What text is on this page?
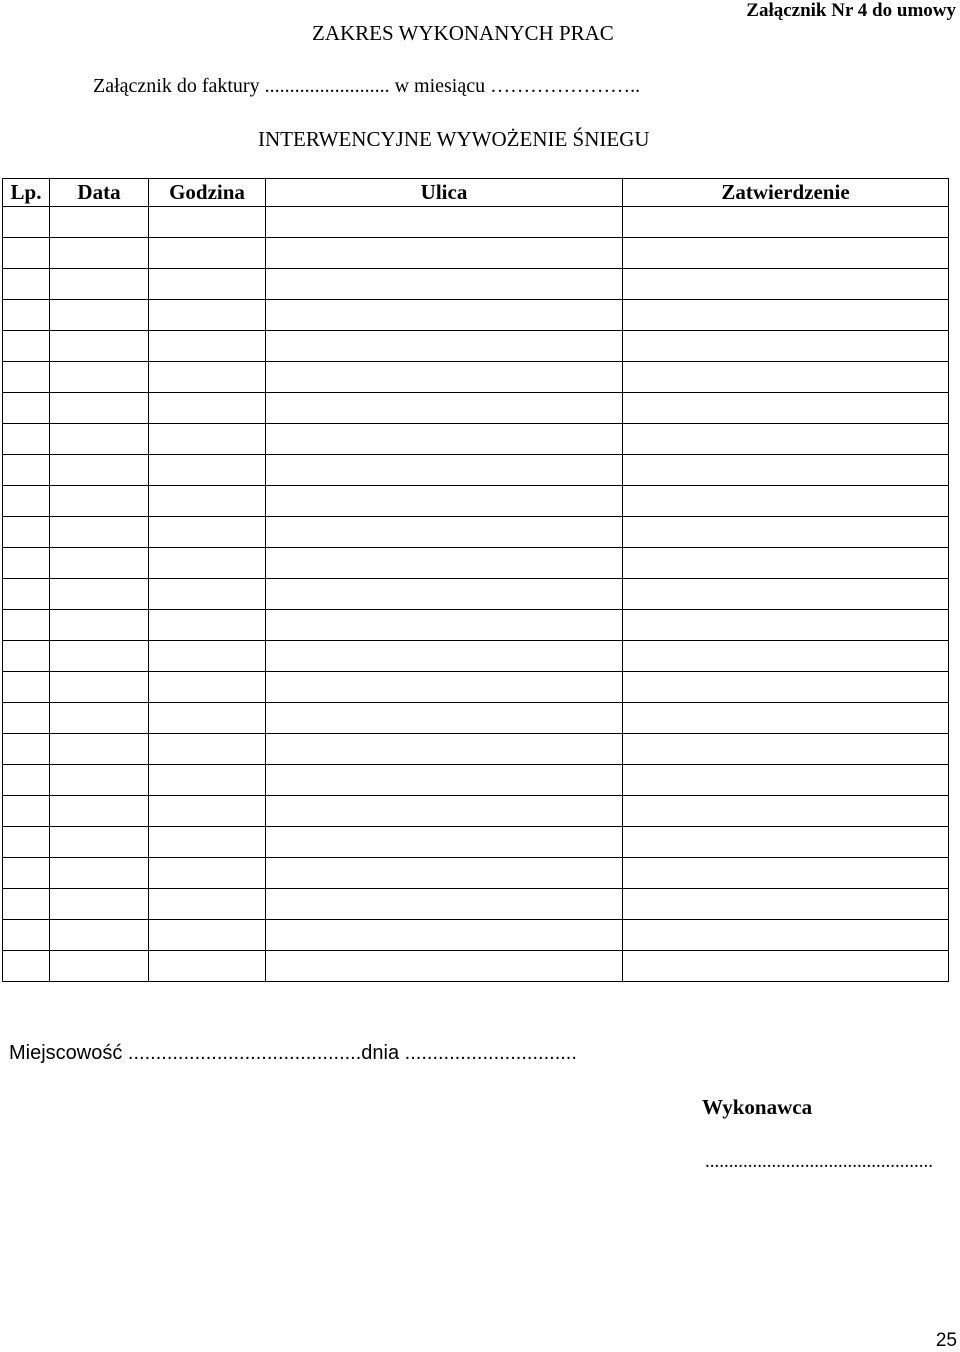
Załącznik Nr 4 do umowy
ZAKRES WYKONANYCH PRAC
Załącznik do faktury ......................... w miesiącu …………………..
INTERWENCYJNE WYWOŻENIE ŚNIEGU
Lp.	Data	Godzina	Ulica	Zatwierdzenie

Miejscowość ..........................................dnia ...............................
Wykonawca
................................................
25
